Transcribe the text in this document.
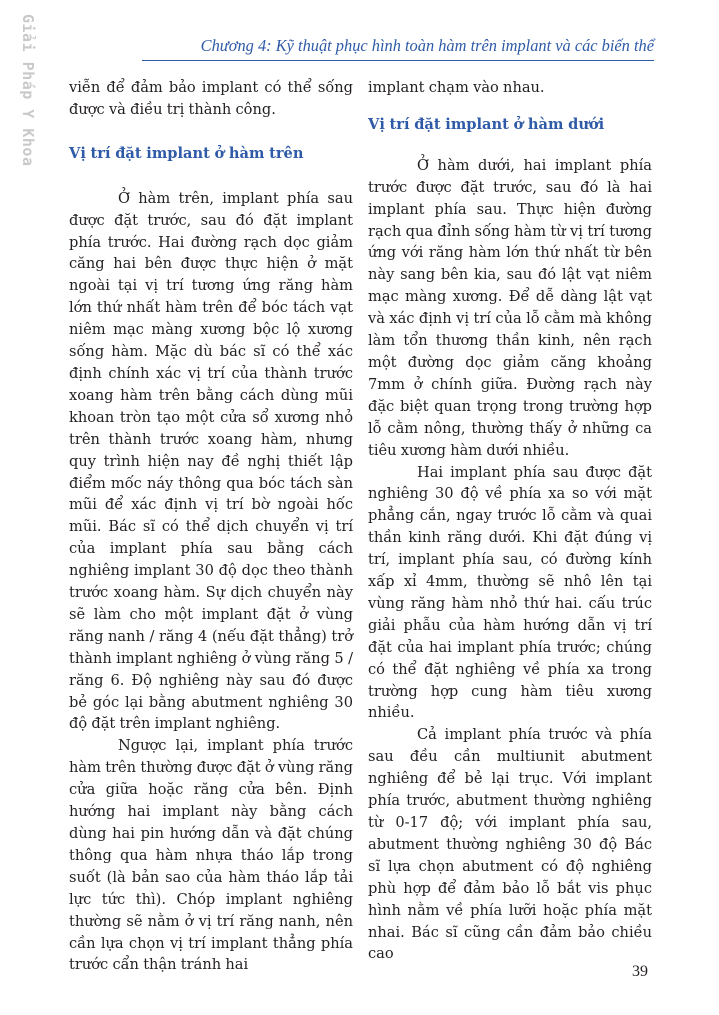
Giải Pháp Y Khoa	Chương 4: Kỹ thuật phục hình toàn hàm trên implant và các biến thể

viễn để đảm bảo implant có thể sống được và điều trị thành công.

Vị trí đặt implant ở hàm trên

Ở hàm trên, implant phía sau được đặt trước, sau đó đặt implant phía trước. Hai đường rạch dọc giảm căng hai bên được thực hiện ở mặt ngoài tại vị trí tương ứng răng hàm lớn thứ nhất hàm trên để bóc tách vạt niêm mạc màng xương bộc lộ xương sống hàm. Mặc dù bác sĩ có thể xác định chính xác vị trí của thành trước xoang hàm trên bằng cách dùng mũi khoan tròn tạo một cửa sổ xương nhỏ trên thành trước xoang hàm, nhưng quy trình hiện nay đề nghị thiết lập điểm mốc náy thông qua bóc tách sàn mũi để xác định vị trí bờ ngoài hốc mũi. Bác sĩ có thể dịch chuyển vị trí của implant phía sau bằng cách nghiêng implant 30 độ dọc theo thành trước xoang hàm. Sự dịch chuyển này sẽ làm cho một implant đặt ở vùng răng nanh / răng 4 (nếu đặt thẳng) trở thành implant nghiêng ở vùng răng 5 / răng 6. Độ nghiêng này sau đó được bẻ góc lại bằng abutment nghiêng 30 độ đặt trên implant nghiêng.

Ngược lại, implant phía trước hàm trên thường được đặt ở vùng răng cửa giữa hoặc răng cửa bên. Định hướng hai implant này bằng cách dùng hai pin hướng dẫn và đặt chúng thông qua hàm nhựa tháo lắp trong suốt (là bản sao của hàm tháo lắp tải lực tức thì). Chóp implant nghiêng thường sẽ nằm ở vị trí răng nanh, nên cần lựa chọn vị trí implant thẳng phía trước cẩn thận tránh hai

implant chạm vào nhau.

Vị trí đặt implant ở hàm dưới

Ở hàm dưới, hai implant phía trước được đặt trước, sau đó là hai implant phía sau. Thực hiện đường rạch qua đỉnh sống hàm từ vị trí tương ứng với răng hàm lớn thứ nhất từ bên này sang bên kia, sau đó lật vạt niêm mạc màng xương. Để dễ dàng lật vạt và xác định vị trí của lỗ cằm mà không làm tổn thương thần kinh, nên rạch một đường dọc giảm căng khoảng 7mm ở chính giữa. Đường rạch này đặc biệt quan trọng trong trường hợp lỗ cằm nông, thường thấy ở những ca tiêu xương hàm dưới nhiều.

Hai implant phía sau được đặt nghiêng 30 độ về phía xa so với mặt phẳng cắn, ngay trước lỗ cằm và quai thần kinh răng dưới. Khi đặt đúng vị trí, implant phía sau, có đường kính xấp xỉ 4mm, thường sẽ nhô lên tại vùng răng hàm nhỏ thứ hai. cấu trúc giải phẫu của hàm hướng dẫn vị trí đặt của hai implant phía trước; chúng có thể đặt nghiêng về phía xa trong trường hợp cung hàm tiêu xương nhiều.

Cả implant phía trước và phía sau đều cần multiunit abutment nghiêng để bẻ lại trục. Với implant phía trước, abutment thường nghiêng từ 0-17 độ; với implant phía sau, abutment thường nghiêng 30 độ Bác sĩ lựa chọn abutment có độ nghiêng phù hợp để đảm bảo lỗ bắt vis phục hình nằm về phía lưỡi hoặc phía mặt nhai. Bác sĩ cũng cần đảm bảo chiều cao

39
